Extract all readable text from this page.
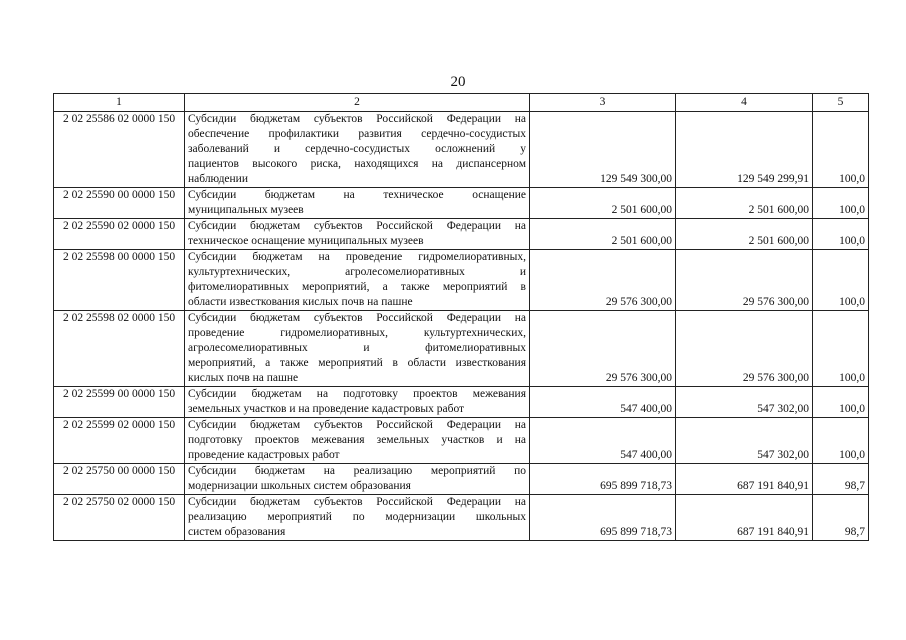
20
1	2	3	4	5
2 02 25586 02 0000 150	Субсидии бюджетам субъектов Российской Федерации на
обеспечение профилактики развития сердечно-сосудистых
заболеваний и сердечно-сосудистых осложнений у
пациентов высокого риска, находящихся на диспансерном
наблюдении	129 549 300,00	129 549 299,91	100,0
2 02 25590 00 0000 150	Субсидии бюджетам на техническое оснащение
муниципальных музеев	2 501 600,00	2 501 600,00	100,0
2 02 25590 02 0000 150	Субсидии бюджетам субъектов Российской Федерации на
техническое оснащение муниципальных музеев	2 501 600,00	2 501 600,00	100,0
2 02 25598 00 0000 150	Субсидии бюджетам на проведение гидромелиоративных,
культуртехнических, агролесомелиоративных и
фитомелиоративных мероприятий, а также мероприятий в
области известкования кислых почв на пашне	29 576 300,00	29 576 300,00	100,0
2 02 25598 02 0000 150	Субсидии бюджетам субъектов Российской Федерации на
проведение гидромелиоративных, культуртехнических,
агролесомелиоративных и фитомелиоративных
мероприятий, а также мероприятий в области известкования
кислых почв на пашне	29 576 300,00	29 576 300,00	100,0
2 02 25599 00 0000 150	Субсидии бюджетам на подготовку проектов межевания
земельных участков и на проведение кадастровых работ	547 400,00	547 302,00	100,0
2 02 25599 02 0000 150	Субсидии бюджетам субъектов Российской Федерации на
подготовку проектов межевания земельных участков и на
проведение кадастровых работ	547 400,00	547 302,00	100,0
2 02 25750 00 0000 150	Субсидии бюджетам на реализацию мероприятий по
модернизации школьных систем образования	695 899 718,73	687 191 840,91	98,7
2 02 25750 02 0000 150	Субсидии бюджетам субъектов Российской Федерации на
реализацию мероприятий по модернизации школьных
систем образования	695 899 718,73	687 191 840,91	98,7
